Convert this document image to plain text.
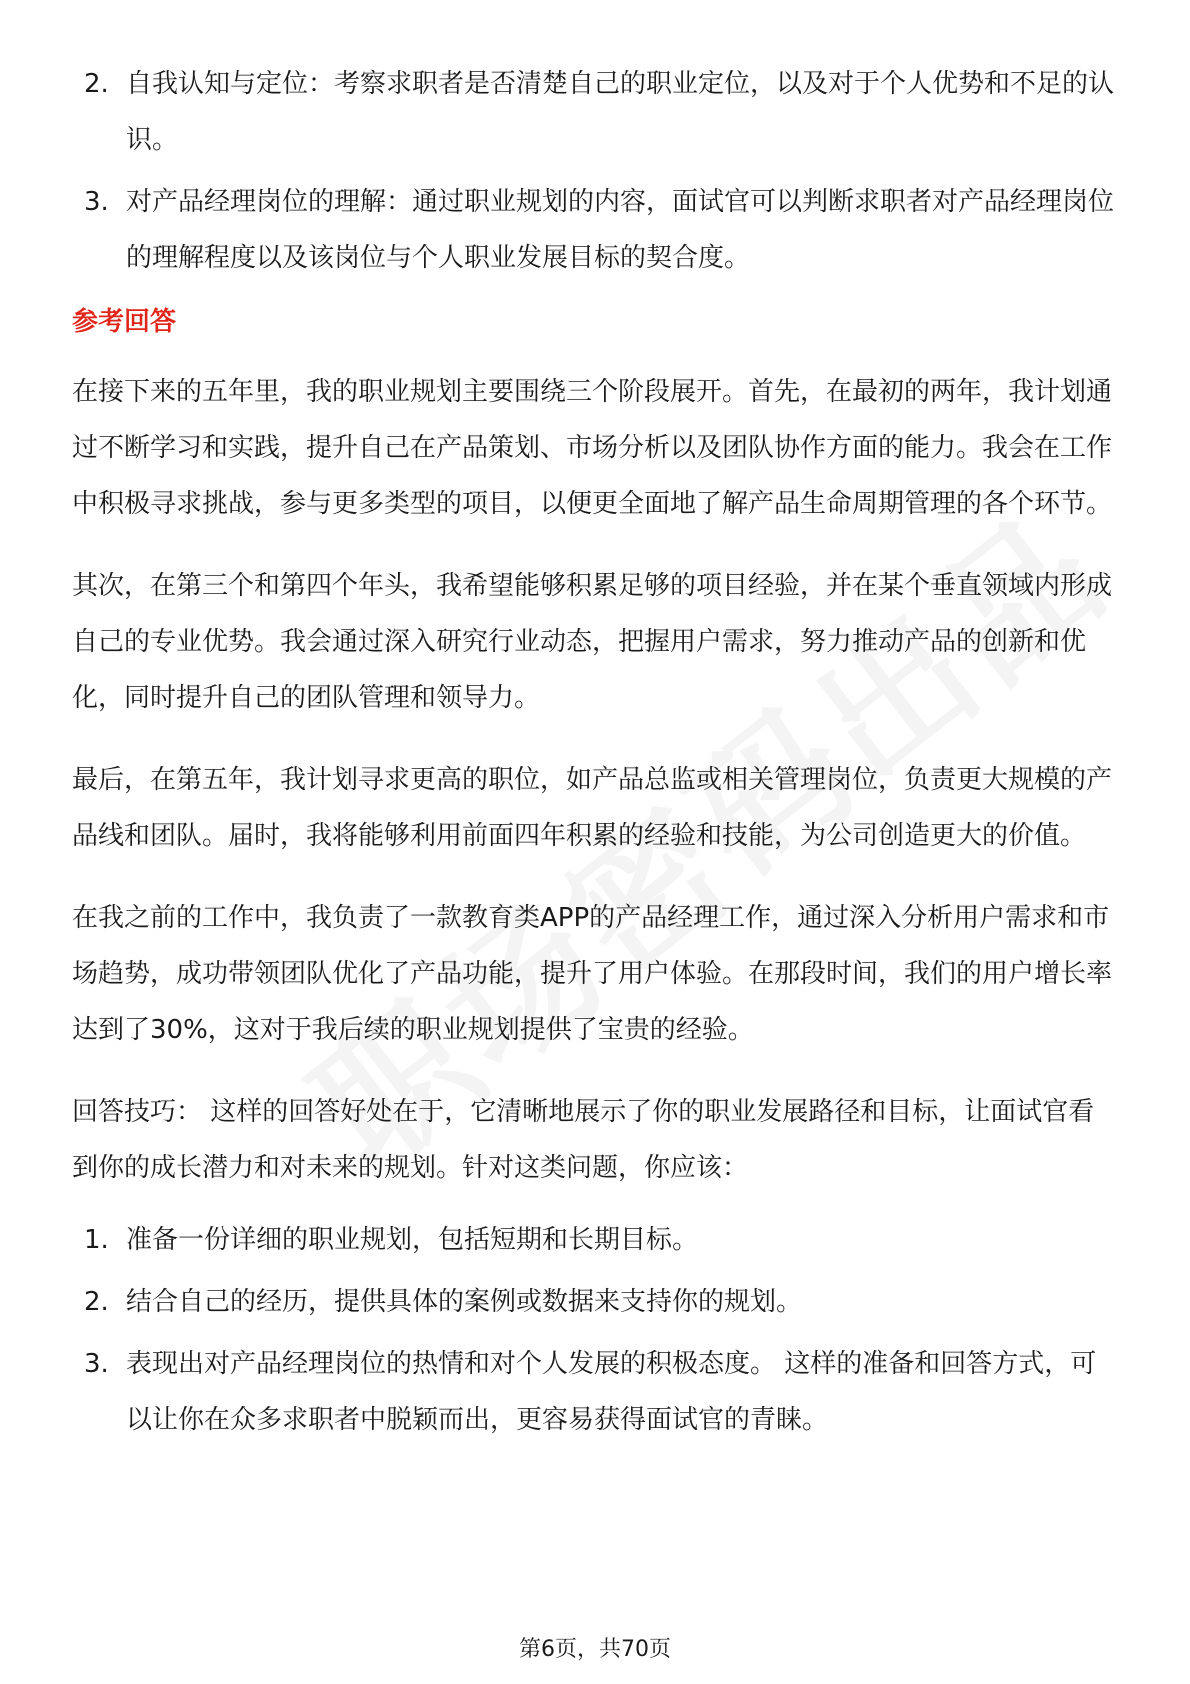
2. 自我认知与定位：考察求职者是否清楚自己的职业定位，以及对于个人优势和不足的认识。
3. 对产品经理岗位的理解：通过职业规划的内容，面试官可以判断求职者对产品经理岗位的理解程度以及该岗位与个人职业发展目标的契合度。
参考回答

在接下来的五年里，我的职业规划主要围绕三个阶段展开。首先，在最初的两年，我计划通过不断学习和实践，提升自己在产品策划、市场分析以及团队协作方面的能力。我会在工作中积极寻求挑战，参与更多类型的项目，以便更全面地了解产品生命周期管理的各个环节。

其次，在第三个和第四个年头，我希望能够积累足够的项目经验，并在某个垂直领域内形成自己的专业优势。我会通过深入研究行业动态，把握用户需求，努力推动产品的创新和优化，同时提升自己的团队管理和领导力。

最后，在第五年，我计划寻求更高的职位，如产品总监或相关管理岗位，负责更大规模的产品线和团队。届时，我将能够利用前面四年积累的经验和技能，为公司创造更大的价值。

在我之前的工作中，我负责了一款教育类APP的产品经理工作，通过深入分析用户需求和市场趋势，成功带领团队优化了产品功能，提升了用户体验。在那段时间，我们的用户增长率达到了30%，这对于我后续的职业规划提供了宝贵的经验。

回答技巧： 这样的回答好处在于，它清晰地展示了你的职业发展路径和目标，让面试官看到你的成长潜力和对未来的规划。针对这类问题，你应该：

1. 准备一份详细的职业规划，包括短期和长期目标。
2. 结合自己的经历，提供具体的案例或数据来支持你的规划。
3. 表现出对产品经理岗位的热情和对个人发展的积极态度。 这样的准备和回答方式，可以让你在众多求职者中脱颖而出，更容易获得面试官的青睐。
第6页，共70页
